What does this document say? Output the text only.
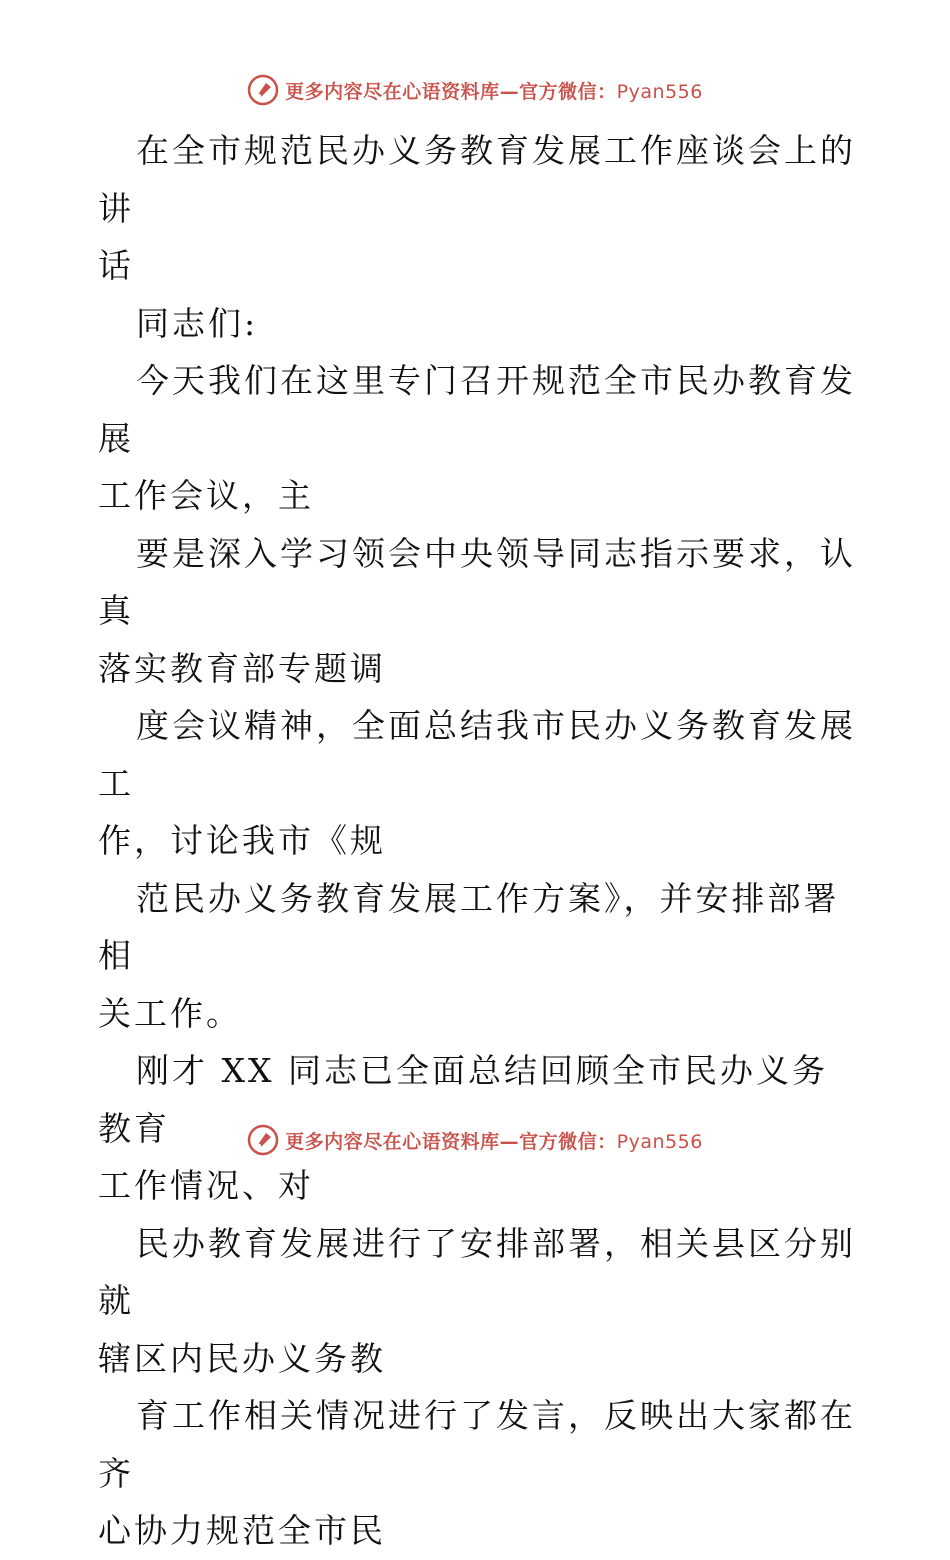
更多内容尽在心语资料库—官方微信：Pyan556

在全市规范民办义务教育发展工作座谈会上的讲
话

同志们:

今天我们在这里专门召开规范全市民办教育发展
工作会议，主

要是深入学习领会中央领导同志指示要求，认真
落实教育部专题调

度会议精神，全面总结我市民办义务教育发展工
作，讨论我市《规

范民办义务教育发展工作方案》，并安排部署相
关工作。

刚才 XX 同志已全面总结回顾全市民办义务教育
工作情况、对

民办教育发展进行了安排部署，相关县区分别就
辖区内民办义务教

育工作相关情况进行了发言，反映出大家都在齐
心协力规范全市民

更多内容尽在心语资料库—官方微信：Pyan556
